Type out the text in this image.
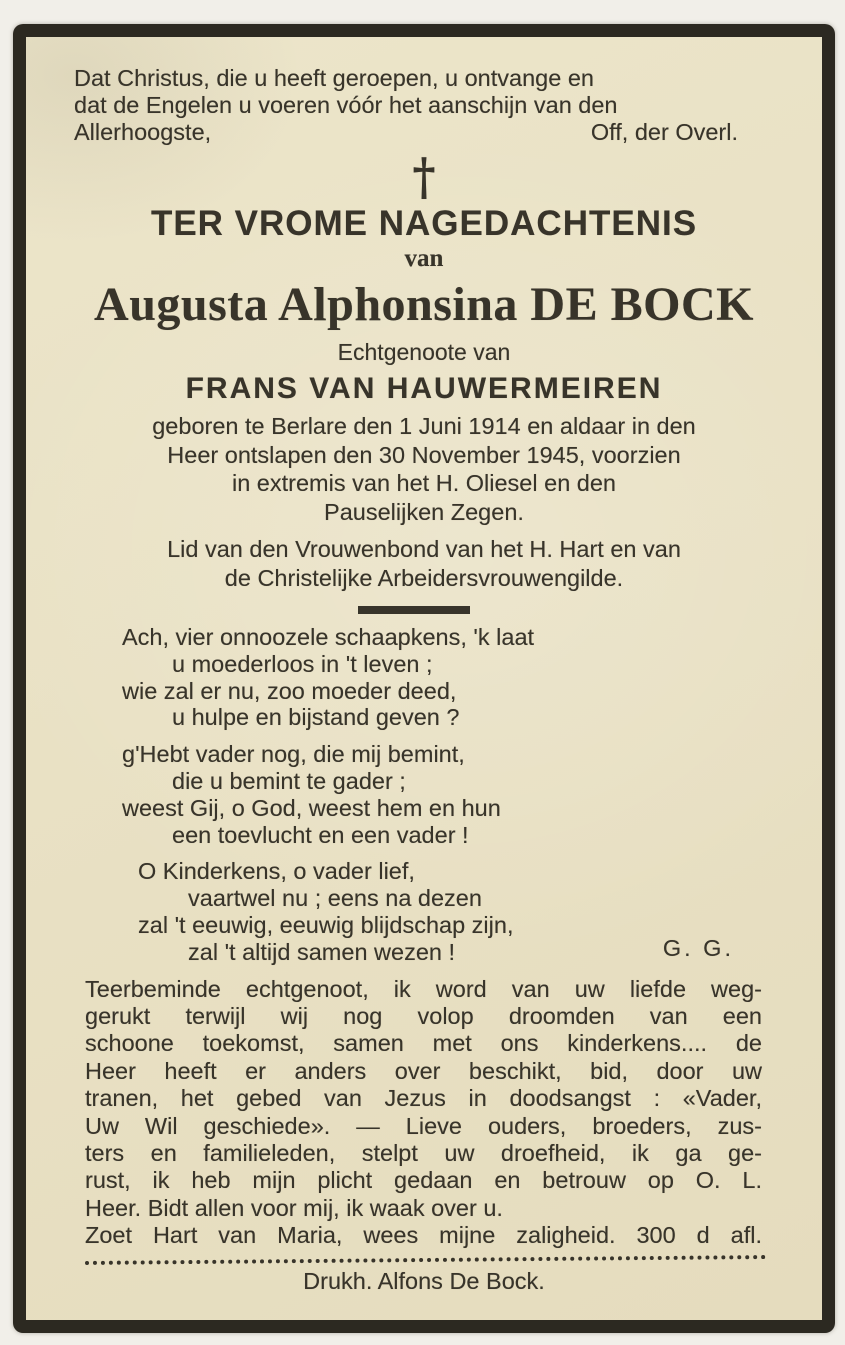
Dat Christus, die u heeft geroepen, u ontvange en
dat de Engelen u voeren vóór het aanschijn van den
Allerhoogste,	Off, der Overl.
†
TER VROME NAGEDACHTENIS
van
Augusta Alphonsina DE BOCK
Echtgenoote van
FRANS VAN HAUWERMEIREN
geboren te Berlare den 1 Juni 1914 en aldaar in den
Heer ontslapen den 30 November 1945, voorzien
in extremis van het H. Oliesel en den
Pauselijken Zegen.
Lid van den Vrouwenbond van het H. Hart en van
de Christelijke Arbeidersvrouwengilde.
Ach, vier onnoozele schaapkens, 'k laat
u moederloos in 't leven ;
wie zal er nu, zoo moeder deed,
u hulpe en bijstand geven ?
g'Hebt vader nog, die mij bemint,
die u bemint te gader ;
weest Gij, o God, weest hem en hun
een toevlucht en een vader !
O Kinderkens, o vader lief,
vaartwel nu ; eens na dezen
zal 't eeuwig, eeuwig blijdschap zijn,
zal 't altijd samen wezen !	G. G.
Teerbeminde echtgenoot, ik word van uw liefde weg-
gerukt terwijl wij nog volop droomden van een
schoone toekomst, samen met ons kinderkens.... de
Heer heeft er anders over beschikt, bid, door uw
tranen, het gebed van Jezus in doodsangst : «Vader,
Uw Wil geschiede». — Lieve ouders, broeders, zus-
ters en familieleden, stelpt uw droefheid, ik ga ge-
rust, ik heb mijn plicht gedaan en betrouw op O. L.
Heer. Bidt allen voor mij, ik waak over u.
Zoet Hart van Maria, wees mijne zaligheid. 300 d afl.
Drukh. Alfons De Bock.
